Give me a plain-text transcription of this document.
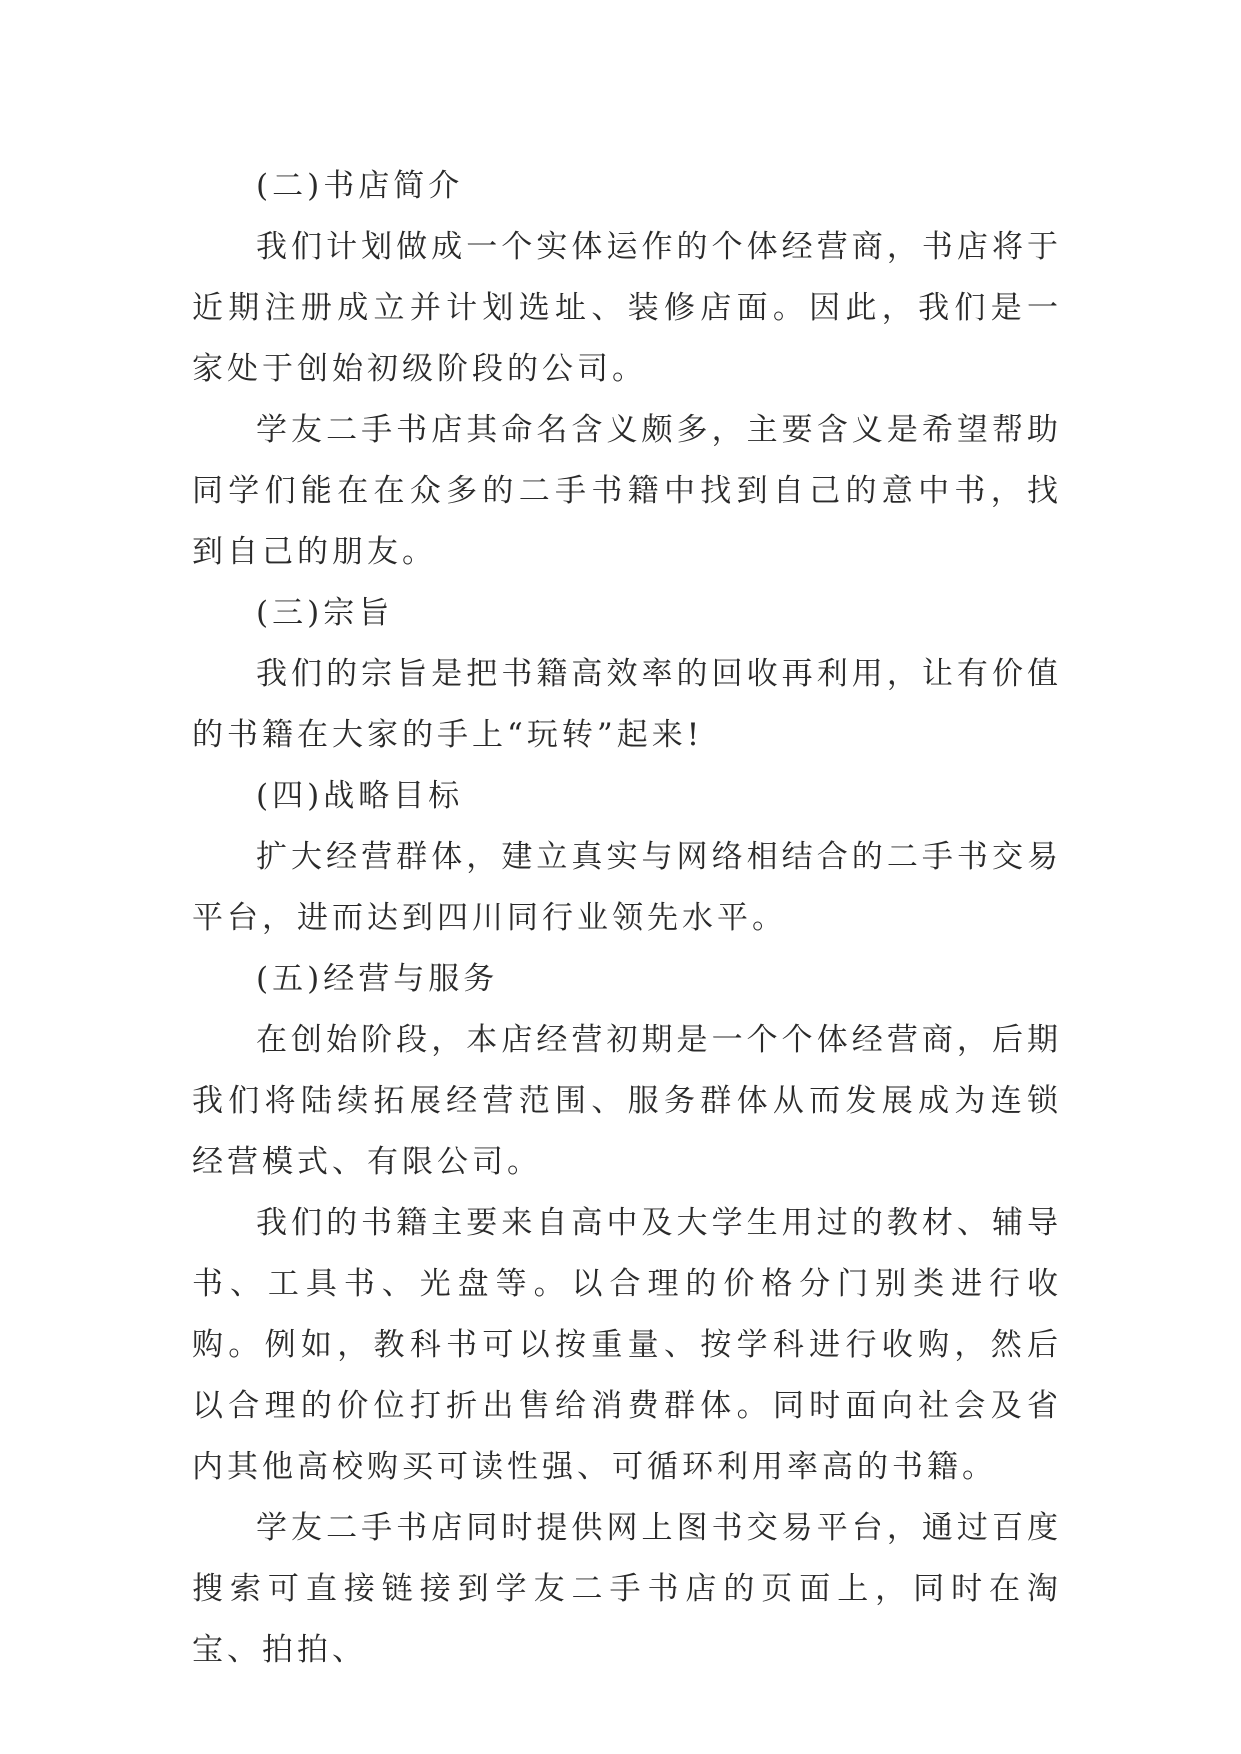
(二)书店简介

我们计划做成一个实体运作的个体经营商，书店将于近期注册成立并计划选址、装修店面。因此，我们是一家处于创始初级阶段的公司。

学友二手书店其命名含义颇多，主要含义是希望帮助同学们能在在众多的二手书籍中找到自己的意中书，找到自己的朋友。

(三)宗旨

我们的宗旨是把书籍高效率的回收再利用，让有价值的书籍在大家的手上“玩转”起来!

(四)战略目标

扩大经营群体，建立真实与网络相结合的二手书交易平台，进而达到四川同行业领先水平。

(五)经营与服务

在创始阶段，本店经营初期是一个个体经营商，后期我们将陆续拓展经营范围、服务群体从而发展成为连锁经营模式、有限公司。

我们的书籍主要来自高中及大学生用过的教材、辅导书、工具书、光盘等。以合理的价格分门别类进行收购。例如，教科书可以按重量、按学科进行收购，然后以合理的价位打折出售给消费群体。同时面向社会及省内其他高校购买可读性强、可循环利用率高的书籍。

学友二手书店同时提供网上图书交易平台，通过百度搜索可直接链接到学友二手书店的页面上，同时在淘宝、拍拍、
